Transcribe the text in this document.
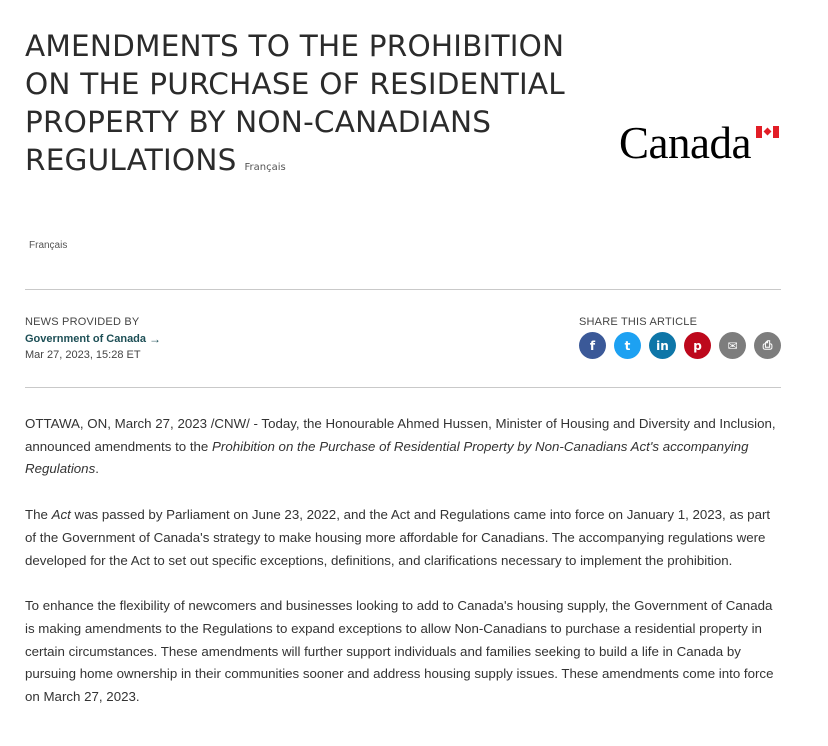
AMENDMENTS TO THE PROHIBITION ON THE PURCHASE OF RESIDENTIAL PROPERTY BY NON-CANADIANS REGULATIONS Français	Canada
Français
NEWS PROVIDED BY
Government of Canada →
Mar 27, 2023, 15:28 ET
SHARE THIS ARTICLE
f t in p ✉ ⎙

OTTAWA, ON, March 27, 2023 /CNW/ - Today, the Honourable Ahmed Hussen, Minister of Housing and Diversity and Inclusion, announced amendments to the Prohibition on the Purchase of Residential Property by Non-Canadians Act's accompanying Regulations.

The Act was passed by Parliament on June 23, 2022, and the Act and Regulations came into force on January 1, 2023, as part of the Government of Canada's strategy to make housing more affordable for Canadians. The accompanying regulations were developed for the Act to set out specific exceptions, definitions, and clarifications necessary to implement the prohibition.

To enhance the flexibility of newcomers and businesses looking to add to Canada's housing supply, the Government of Canada is making amendments to the Regulations to expand exceptions to allow Non-Canadians to purchase a residential property in certain circumstances. These amendments will further support individuals and families seeking to build a life in Canada by pursuing home ownership in their communities sooner and address housing supply issues. These amendments come into force on March 27, 2023.
